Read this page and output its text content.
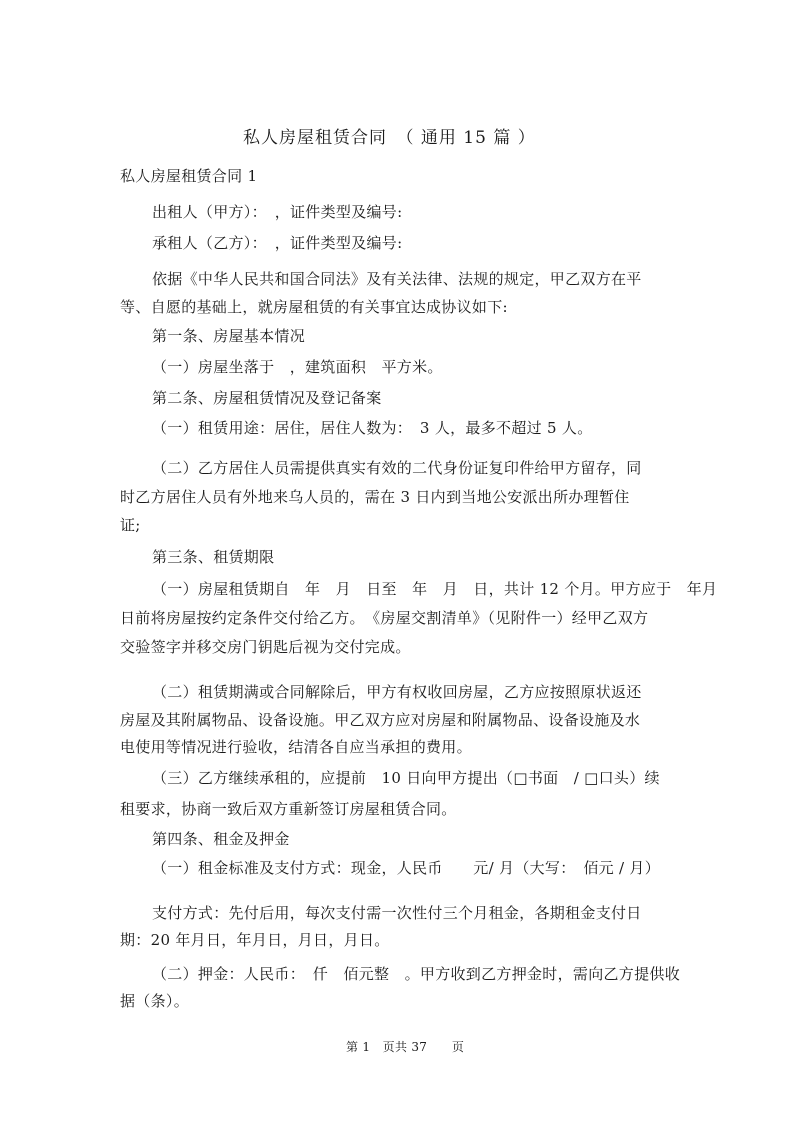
私人房屋租赁合同　（ 通用 15 篇 ）
私人房屋租赁合同 1
出租人（甲方）：　，证件类型及编号:
承租人（乙方）：　，证件类型及编号:
依据《中华人民共和国合同法》及有关法律、法规的规定，甲乙双方在平
等、自愿的基础上，就房屋租赁的有关事宜达成协议如下:
第一条、房屋基本情况
（一）房屋坐落于　，建筑面积　平方米。
第二条、房屋租赁情况及登记备案
（一）租赁用途：居住，居住人数为：　3 人，最多不超过 5 人。
（二）乙方居住人员需提供真实有效的二代身份证复印件给甲方留存，同
时乙方居住人员有外地来乌人员的，需在 3 日内到当地公安派出所办理暂住
证;
第三条、租赁期限
（一）房屋租赁期自　年　月　日至　年　月　日，共计 12 个月。甲方应于　年月
日前将房屋按约定条件交付给乙方。　《房屋交割清单》（见附件一）经甲乙双方
交验签字并移交房门钥匙后视为交付完成。
（二）租赁期满或合同解除后，甲方有权收回房屋，乙方应按照原状返还
房屋及其附属物品、设备设施。甲乙双方应对房屋和附属物品、设备设施及水
电使用等情况进行验收，结清各自应当承担的费用。
（三）乙方继续承租的，应提前　10 日向甲方提出（□书面　/ □口头）续
租要求，协商一致后双方重新签订房屋租赁合同。
第四条、租金及押金
（一）租金标准及支付方式：现金，人民币　　元/ 月（大写：　佰元 / 月）
支付方式：先付后用，每次支付需一次性付三个月租金，各期租金支付日
期：20 年月日，年月日，月日，月日。
（二）押金：人民币：　仟　佰元整　。甲方收到乙方押金时，需向乙方提供收
据（条）。
第 1　页共 37　　页
